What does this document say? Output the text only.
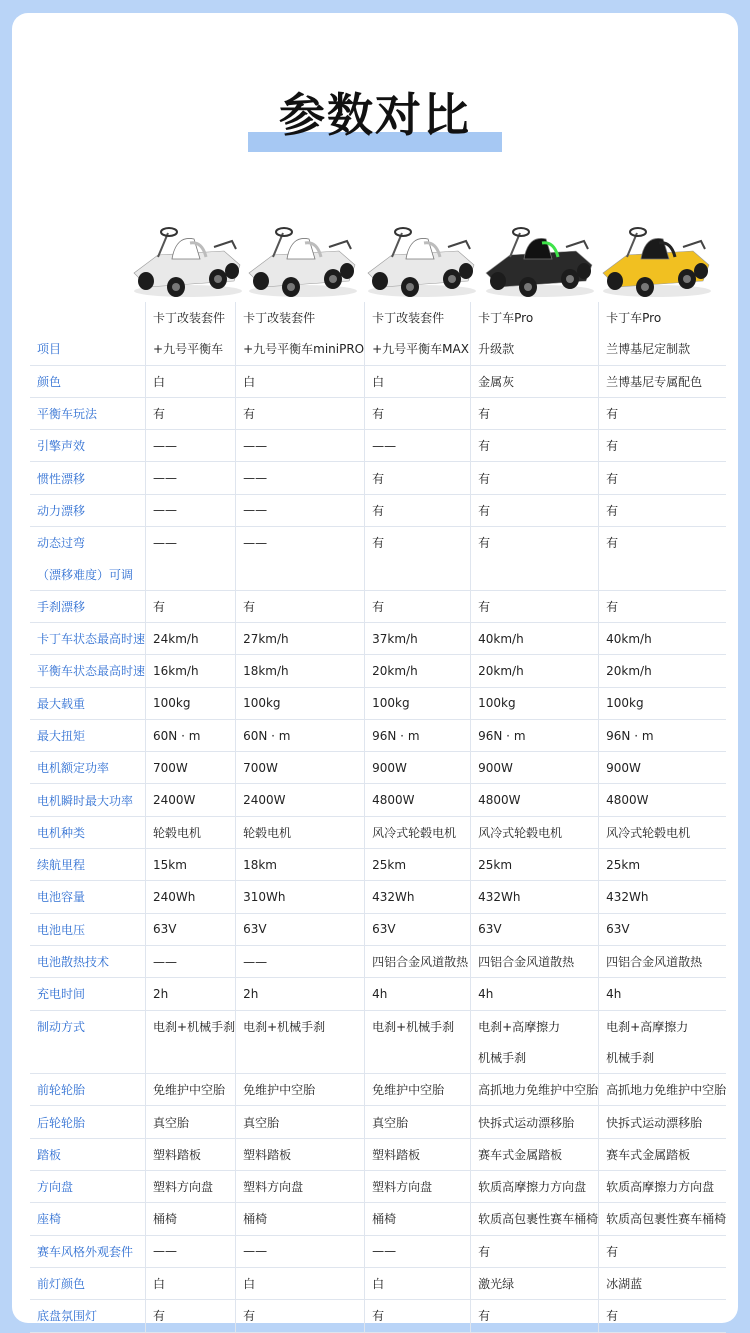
参数对比
	卡丁改装套件	卡丁改装套件	卡丁改装套件	卡丁车Pro	卡丁车Pro
项目	+九号平衡车	+九号平衡车miniPRO	+九号平衡车MAX	升级款	兰博基尼定制款
颜色	白	白	白	金属灰	兰博基尼专属配色
平衡车玩法	有	有	有	有	有
引擎声效	——	——	——	有	有
惯性漂移	——	——	有	有	有
动力漂移	——	——	有	有	有
动态过弯	——	——	有	有	有
（漂移难度）可调					
手刹漂移	有	有	有	有	有
卡丁车状态最高时速	24km/h	27km/h	37km/h	40km/h	40km/h
平衡车状态最高时速	16km/h	18km/h	20km/h	20km/h	20km/h
最大载重	100kg	100kg	100kg	100kg	100kg
最大扭矩	60N · m	60N · m	96N · m	96N · m	96N · m
电机额定功率	700W	700W	900W	900W	900W
电机瞬时最大功率	2400W	2400W	4800W	4800W	4800W
电机种类	轮毂电机	轮毂电机	风冷式轮毂电机	风冷式轮毂电机	风冷式轮毂电机
续航里程	15km	18km	25km	25km	25km
电池容量	240Wh	310Wh	432Wh	432Wh	432Wh
电池电压	63V	63V	63V	63V	63V
电池散热技术	——	——	四铝合金风道散热	四铝合金风道散热	四铝合金风道散热
充电时间	2h	2h	4h	4h	4h
制动方式	电刹+机械手刹	电刹+机械手刹	电刹+机械手刹	电刹+高摩擦力	电刹+高摩擦力
				机械手刹	机械手刹
前轮轮胎	免维护中空胎	免维护中空胎	免维护中空胎	高抓地力免维护中空胎	高抓地力免维护中空胎
后轮轮胎	真空胎	真空胎	真空胎	快拆式运动漂移胎	快拆式运动漂移胎
踏板	塑料踏板	塑料踏板	塑料踏板	赛车式金属踏板	赛车式金属踏板
方向盘	塑料方向盘	塑料方向盘	塑料方向盘	软质高摩擦力方向盘	软质高摩擦力方向盘
座椅	桶椅	桶椅	桶椅	软质高包裹性赛车桶椅	软质高包裹性赛车桶椅
赛车风格外观套件	——	——	——	有	有
前灯颜色	白	白	白	激光绿	冰湖蓝
底盘氛围灯	有	有	有	有	有
